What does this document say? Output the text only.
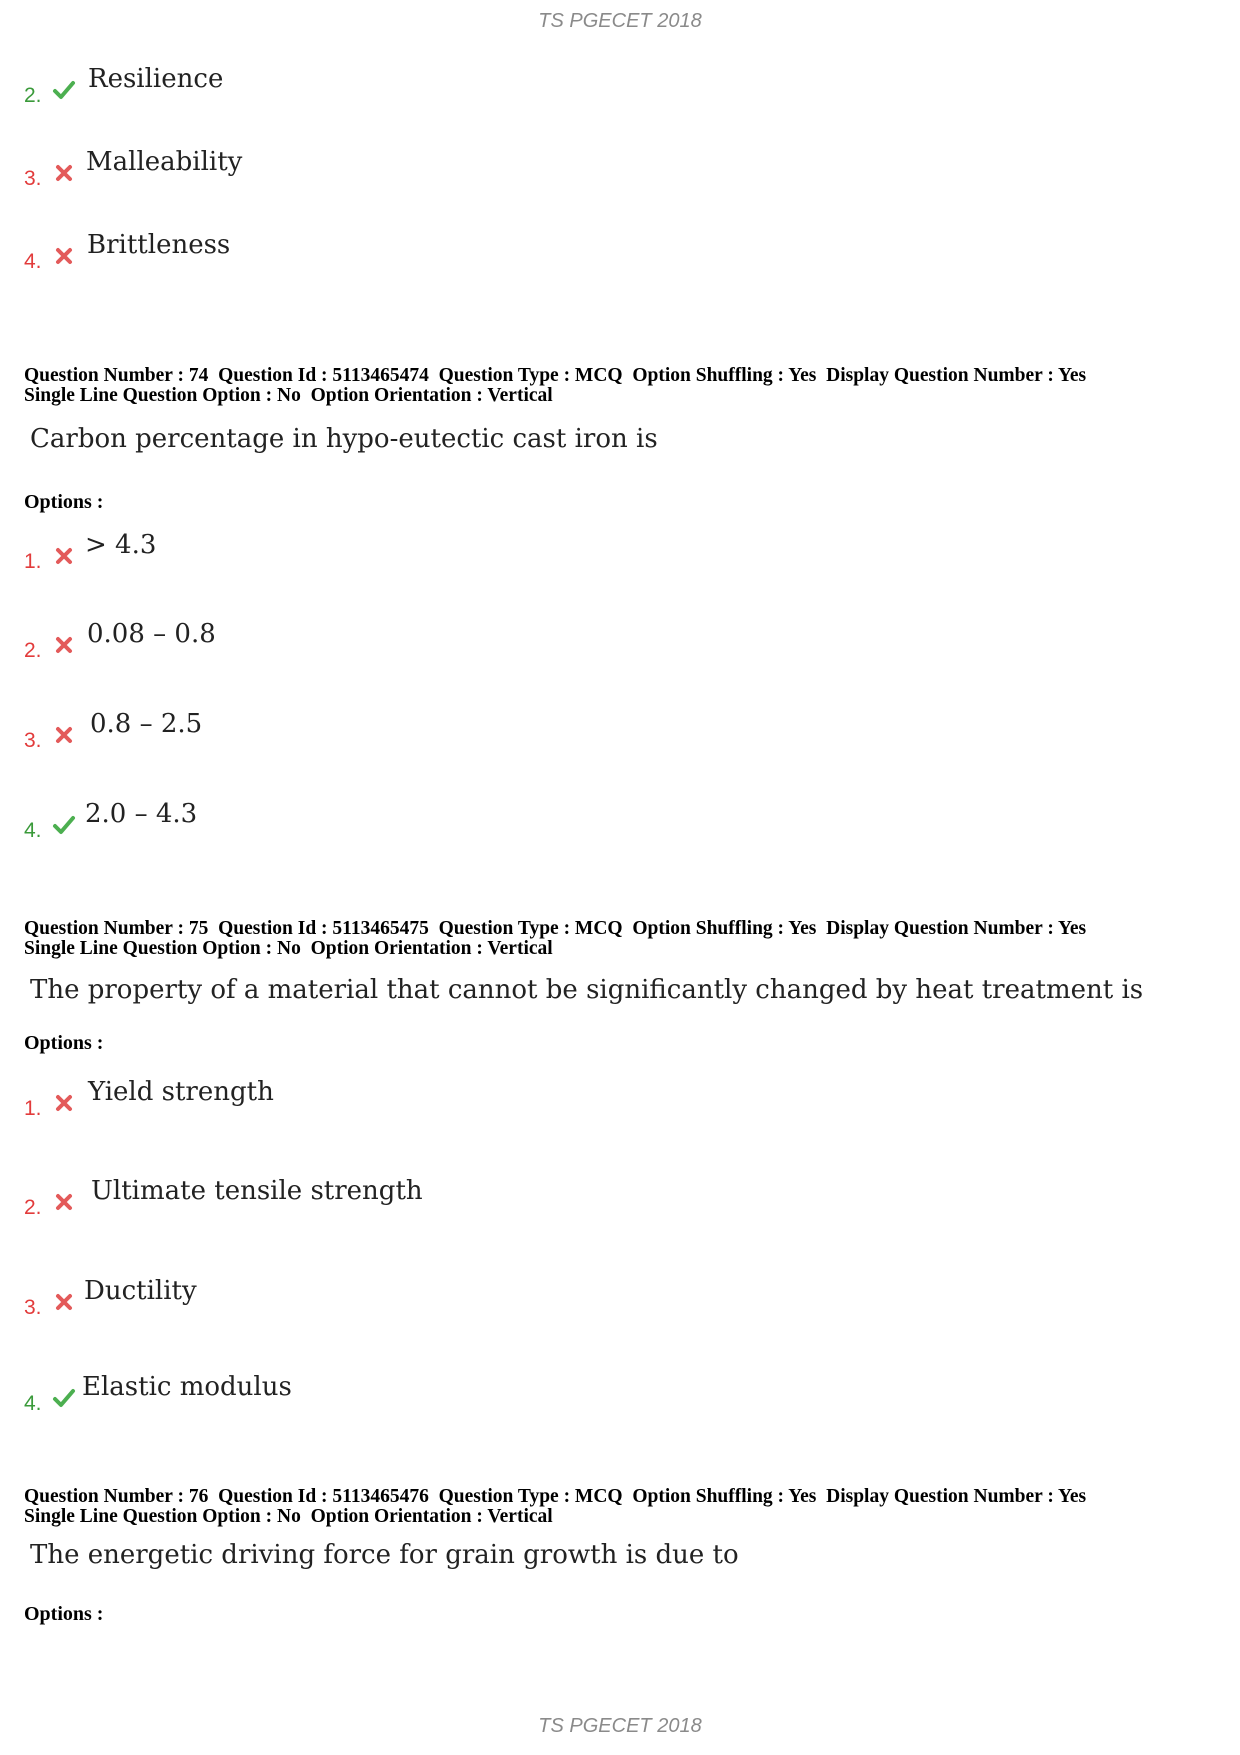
TS PGECET 2018
2.
Resilience
3.
Malleability
4.
Brittleness
Question Number : 74  Question Id : 5113465474  Question Type : MCQ  Option Shuffling : Yes  Display Question Number : Yes
Single Line Question Option : No  Option Orientation : Vertical
Carbon percentage in hypo-eutectic cast iron is
Options :
1.
> 4.3
2.
0.08 – 0.8
3.
0.8 – 2.5
4.
2.0 – 4.3
Question Number : 75  Question Id : 5113465475  Question Type : MCQ  Option Shuffling : Yes  Display Question Number : Yes
Single Line Question Option : No  Option Orientation : Vertical
The property of a material that cannot be significantly changed by heat treatment is
Options :
1.
Yield strength
2.
Ultimate tensile strength
3.
Ductility
4.
Elastic modulus
Question Number : 76  Question Id : 5113465476  Question Type : MCQ  Option Shuffling : Yes  Display Question Number : Yes
Single Line Question Option : No  Option Orientation : Vertical
The energetic driving force for grain growth is due to
Options :
TS PGECET 2018
